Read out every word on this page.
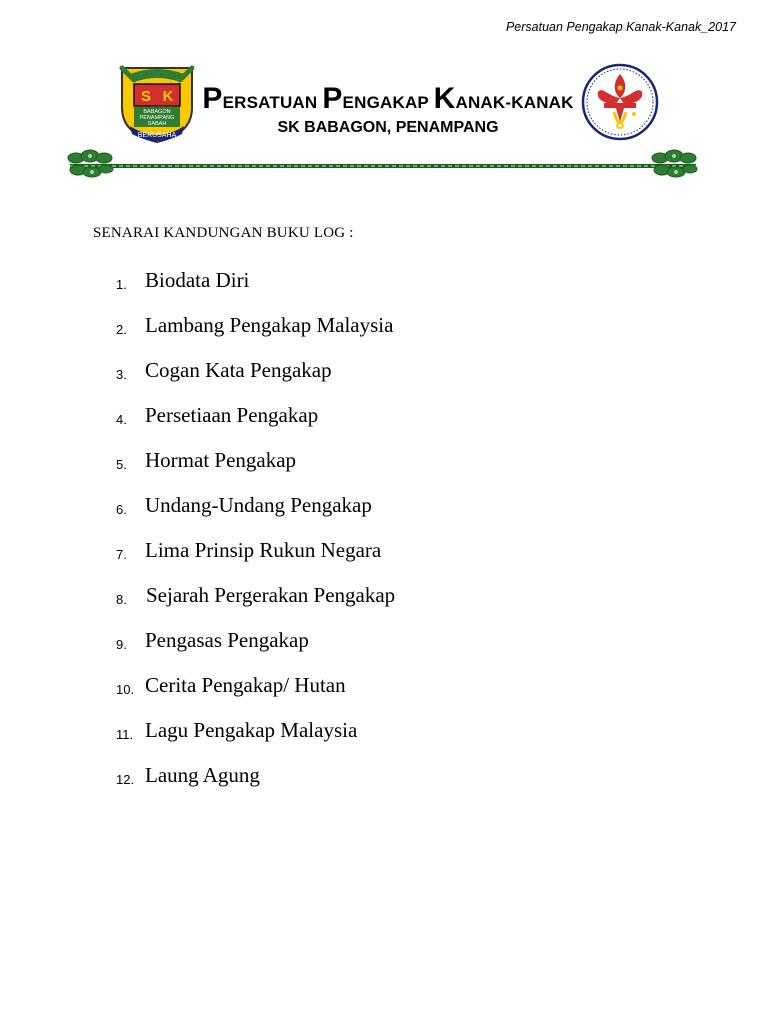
Persatuan Pengakap Kanak-Kanak_2017
S K
BABAGON
PENAMPANG
SABAH
BERUSAHA
PERSATUAN PENGAKAP KANAK-KANAK
SK BABAGON, PENAMPANG
SENARAI KANDUNGAN BUKU LOG :
1. Biodata Diri
2. Lambang Pengakap Malaysia
3. Cogan Kata Pengakap
4. Persetiaan Pengakap
5. Hormat Pengakap
6. Undang-Undang Pengakap
7. Lima Prinsip Rukun Negara
8. Sejarah Pergerakan Pengakap
9. Pengasas Pengakap
10. Cerita Pengakap/ Hutan
11. Lagu Pengakap Malaysia
12. Laung Agung
